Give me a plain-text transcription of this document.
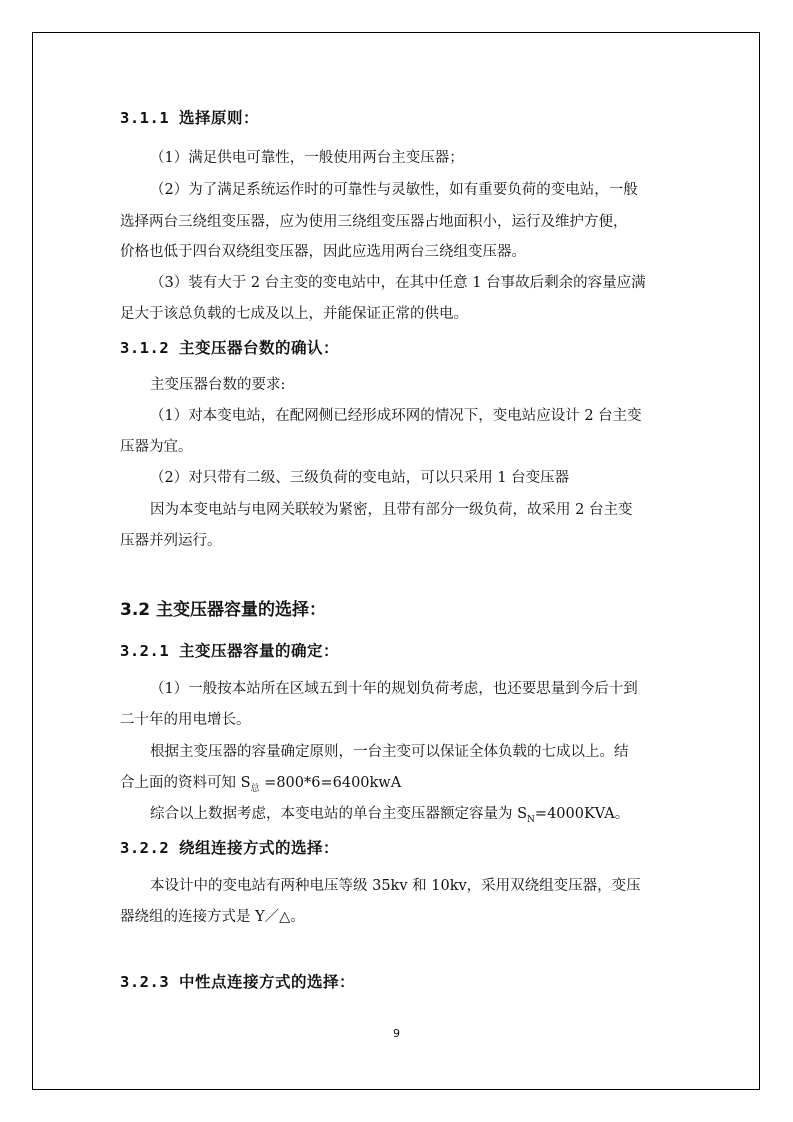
3.1.1 选择原则：
（1）满足供电可靠性，一般使用两台主变压器；
（2）为了满足系统运作时的可靠性与灵敏性，如有重要负荷的变电站，一般
选择两台三绕组变压器，应为使用三绕组变压器占地面积小，运行及维护方便，
价格也低于四台双绕组变压器，因此应选用两台三绕组变压器。
（3）装有大于 2 台主变的变电站中，在其中任意 1 台事故后剩余的容量应满
足大于该总负载的七成及以上，并能保证正常的供电。
3.1.2 主变压器台数的确认：
主变压器台数的要求:
（1）对本变电站，在配网侧已经形成环网的情况下，变电站应设计 2 台主变
压器为宜。
（2）对只带有二级、三级负荷的变电站，可以只采用 1 台变压器
因为本变电站与电网关联较为紧密，且带有部分一级负荷，故采用 2 台主变
压器并列运行。
3.2 主变压器容量的选择：
3.2.1 主变压器容量的确定：
（1）一般按本站所在区域五到十年的规划负荷考虑，也还要思量到今后十到
二十年的用电增长。
根据主变压器的容量确定原则，一台主变可以保证全体负载的七成以上。结
合上面的资料可知 $S_总 =800*6=6400kwA$
综合以上数据考虑，本变电站的单台主变压器额定容量为 $S_N=4000KVA$。
3.2.2 绕组连接方式的选择：
本设计中的变电站有两种电压等级 35kv 和 10kv，采用双绕组变压器，变压
器绕组的连接方式是 Y／△。
3.2.3 中性点连接方式的选择：
9
